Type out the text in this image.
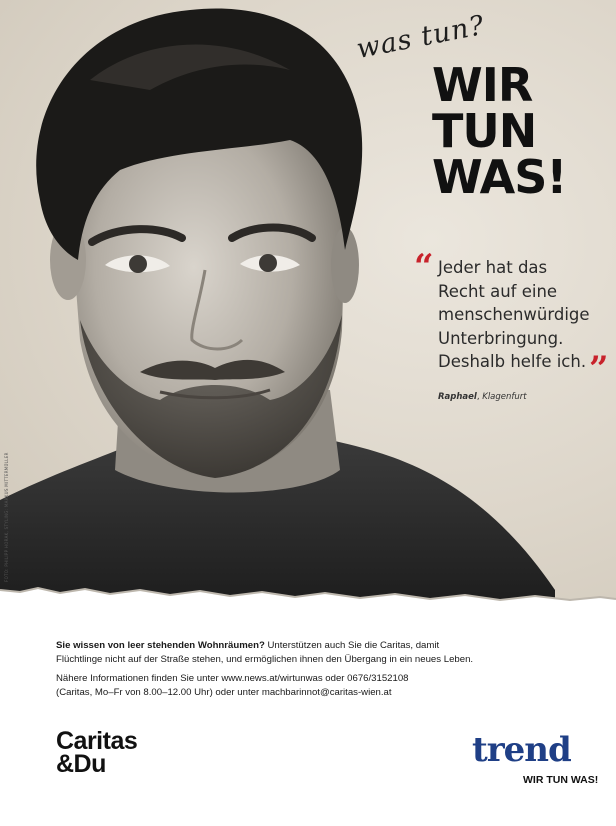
was tun?
WIR
TUN
WAS!
“ Jeder hat das
Recht auf eine
menschenwürdige
Unterbringung.
Deshalb helfe ich. ”
Raphael, Klagenfurt
FOTO: PHILIPP HORAK, STYLING: MARKUS MITTERMÜLLER

Sie wissen von leer stehenden Wohnräumen? Unterstützen auch Sie die Caritas, damit
Flüchtlinge nicht auf der Straße stehen, und ermöglichen ihnen den Übergang in ein neues Leben.

Nähere Informationen finden Sie unter www.news.at/wirtunwas oder 0676/3152108
(Caritas, Mo–Fr von 8.00–12.00 Uhr) oder unter machbarinnot@caritas-wien.at

Caritas
&Du	trend
WIR TUN WAS!
